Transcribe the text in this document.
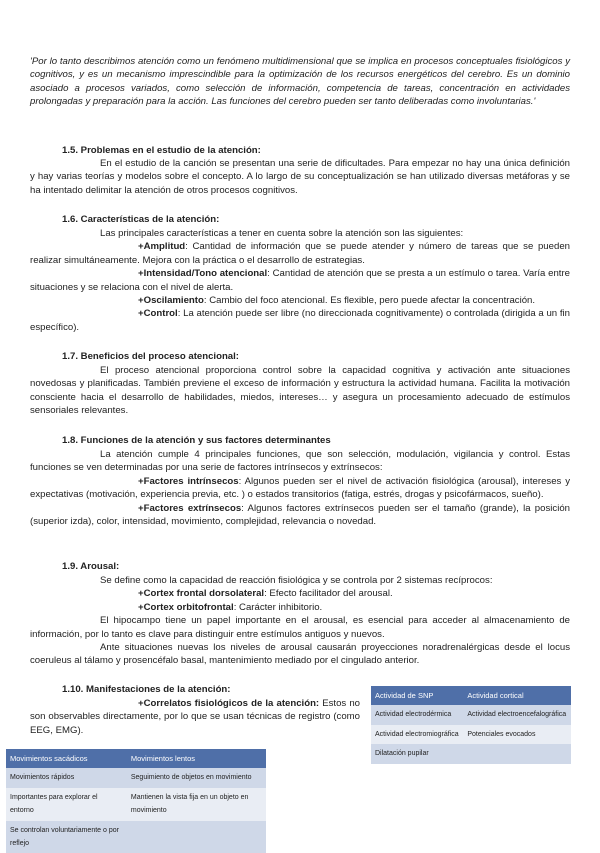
'Por lo tanto describimos atención como un fenómeno multidimensional que se implica en procesos conceptuales fisiológicos y cognitivos, y es un mecanismo imprescindible para la optimización de los recursos energéticos del cerebro. Es un dominio asociado a procesos variados, como selección de información, competencia de tareas, concentración en actividades prolongadas y preparación para la acción. Las funciones del cerebro pueden ser tanto deliberadas como involuntarias.'

1.5. Problemas en el estudio de la atención:

En el estudio de la canción se presentan una serie de dificultades. Para empezar no hay una única definición y hay varias teorías y modelos sobre el concepto. A lo largo de su conceptualización se han utilizado diversas metáforas y se ha intentado delimitar la atención de otros procesos cognitivos.

1.6. Características de la atención:

Las principales características a tener en cuenta sobre la atención son las siguientes:

+Amplitud: Cantidad de información que se puede atender y número de tareas que se pueden realizar simultáneamente. Mejora con la práctica o el desarrollo de estrategias.

+Intensidad/Tono atencional: Cantidad de atención que se presta a un estímulo o tarea. Varía entre situaciones y se relaciona con el nivel de alerta.

+Oscilamiento: Cambio del foco atencional. Es flexible, pero puede afectar la concentración.

+Control: La atención puede ser libre (no direccionada cognitivamente) o controlada (dirigida a un fin específico).

1.7. Beneficios del proceso atencional:

El proceso atencional proporciona control sobre la capacidad cognitiva y activación ante situaciones novedosas y planificadas. También previene el exceso de información y estructura la actividad humana. Facilita la motivación consciente hacia el desarrollo de habilidades, miedos, intereses… y asegura un procesamiento adecuado de estímulos sensoriales relevantes.

1.8. Funciones de la atención y sus factores determinantes

La atención cumple 4 principales funciones, que son selección, modulación, vigilancia y control. Estas funciones se ven determinadas por una serie de factores intrínsecos y extrínsecos:

+Factores intrínsecos: Algunos pueden ser el nivel de activación fisiológica (arousal), intereses y expectativas (motivación, experiencia previa, etc. ) o estados transitorios (fatiga, estrés, drogas y psicofármacos, sueño).

+Factores extrínsecos: Algunos factores extrínsecos pueden ser el tamaño (grande), la posición (superior izda), color, intensidad, movimiento, complejidad, relevancia o novedad.

1.9. Arousal:

Se define como la capacidad de reacción fisiológica y se controla por 2 sistemas recíprocos:

+Cortex frontal dorsolateral: Efecto facilitador del arousal.

+Cortex orbitofrontal: Carácter inhibitorio.

El hipocampo tiene un papel importante en el arousal, es esencial para acceder al almacenamiento de información, por lo tanto es clave para distinguir entre estímulos antiguos y nuevos.

Ante situaciones nuevas los niveles de arousal causarán proyecciones noradrenalérgicas desde el locus coeruleus al tálamo y prosencéfalo basal, mantenimiento mediado por el cingulado anterior.

1.10. Manifestaciones de la atención:

+Correlatos fisiológicos de la atención: Estos no son observables directamente, por lo que se usan técnicas de registro (como EEG, EMG).

Actividad de SNP	Actividad cortical
Actividad electrodérmica	Actividad electroencefalográfica
Actividad electromiográfica	Potenciales evocados
Dilatación pupilar	
Movimientos sacádicos	Movimientos lentos
Movimientos rápidos	Seguimiento de objetos en movimiento
Importantes para explorar el entorno	Mantienen la vista fija en un objeto en movimiento
Se controlan voluntariamente o por reflejo	
